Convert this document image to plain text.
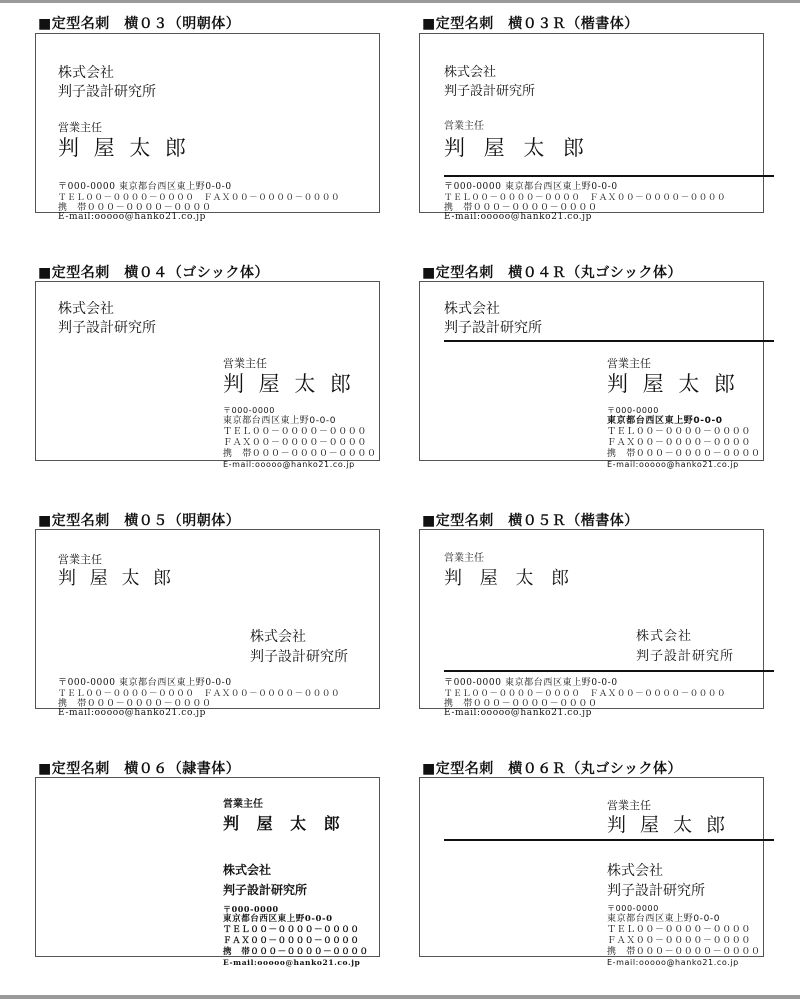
■定型名刺　横０３（明朝体）
株式会社
判子設計研究所
営業主任
判 屋 太 郎
〒000-0000 東京都台西区東上野0-0-0
ＴＥＬ００－００００－００００　ＦＡＸ００－００００－００００
携　帯０００－００００－００００
E-mail:ooooo@hanko21.co.jp
■定型名刺　横０３Ｒ（楷書体）
株式会社
判子設計研究所
営業主任
判 屋 太 郎
〒000-0000 東京都台西区東上野0-0-0
ＴＥＬ００－００００－００００　ＦＡＸ００－００００－００００
携　帯０００－００００－００００
E-mail:ooooo@hanko21.co.jp
■定型名刺　横０４（ゴシック体）
株式会社
判子設計研究所
営業主任
判 屋 太 郎
〒000-0000
東京都台西区東上野0-0-0
ＴＥＬ００－００００－００００
ＦＡＸ００－００００－００００
携　帯０００－００００－００００
E-mail:ooooo@hanko21.co.jp
■定型名刺　横０４Ｒ（丸ゴシック体）
株式会社
判子設計研究所
営業主任
判 屋 太 郎
〒000-0000
東京都台西区東上野0-0-0
ＴＥＬ００－００００－００００
ＦＡＸ００－００００－００００
携　帯０００－００００－００００
E-mail:ooooo@hanko21.co.jp
■定型名刺　横０５（明朝体）
営業主任
判 屋 太 郎
株式会社
判子設計研究所
〒000-0000 東京都台西区東上野0-0-0
ＴＥＬ００－００００－００００　ＦＡＸ００－００００－００００
携　帯０００－００００－００００
E-mail:ooooo@hanko21.co.jp
■定型名刺　横０５Ｒ（楷書体）
営業主任
判 屋 太 郎
株式会社
判子設計研究所
〒000-0000 東京都台西区東上野0-0-0
ＴＥＬ００－００００－００００　ＦＡＸ００－００００－００００
携　帯０００－００００－００００
E-mail:ooooo@hanko21.co.jp
■定型名刺　横０６（隷書体）
営業主任
判 屋 太 郎
株式会社
判子設計研究所
〒000-0000
東京都台西区東上野0-0-0
ＴＥＬ００－００００－００００
ＦＡＸ００－００００－００００
携　帯０００－００００－００００
E-mail:ooooo@hanko21.co.jp
■定型名刺　横０６Ｒ（丸ゴシック体）
営業主任
判 屋 太 郎
株式会社
判子設計研究所
〒000-0000
東京都台西区東上野0-0-0
ＴＥＬ００－００００－００００
ＦＡＸ００－００００－００００
携　帯０００－００００－００００
E-mail:ooooo@hanko21.co.jp
